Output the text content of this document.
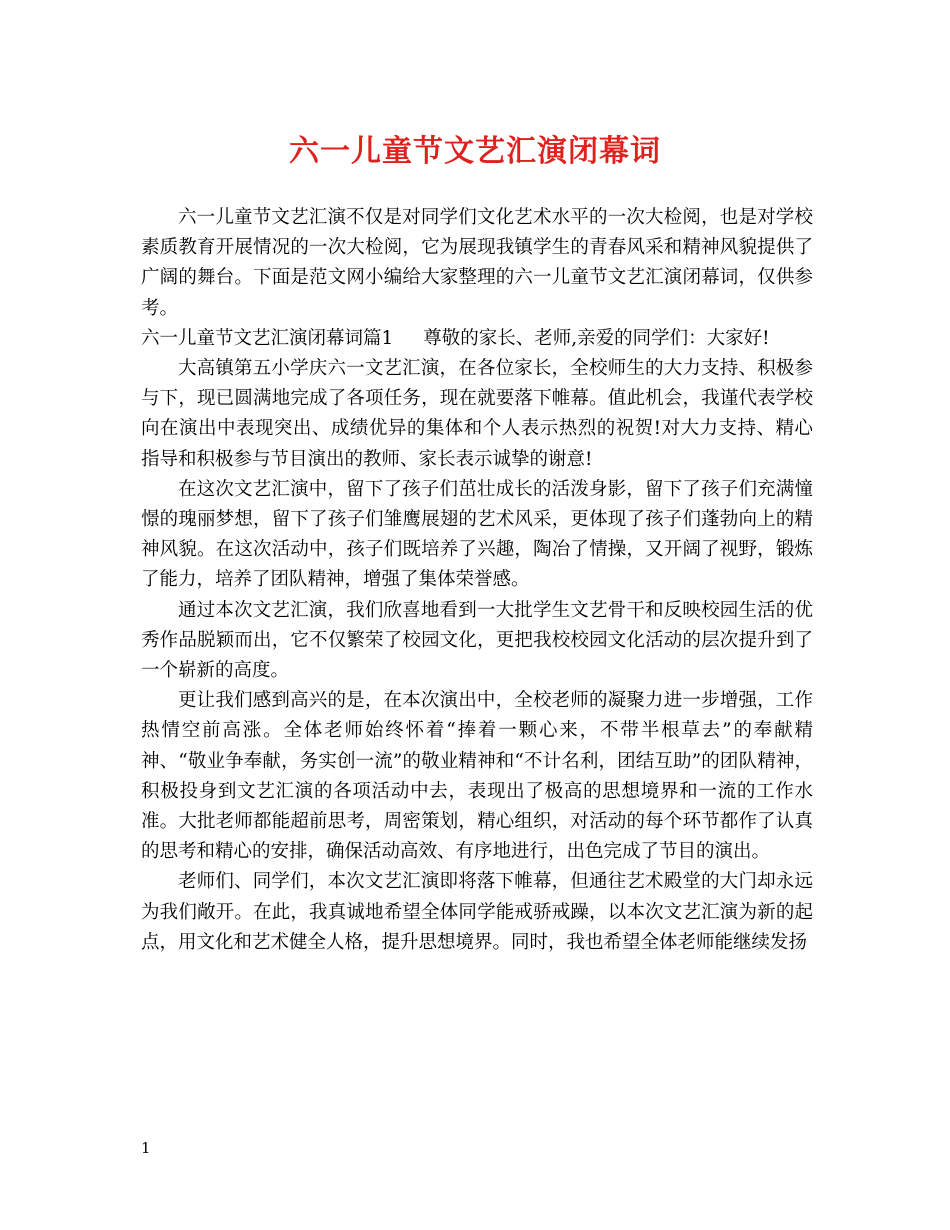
六一儿童节文艺汇演闭幕词

六一儿童节文艺汇演不仅是对同学们文化艺术水平的一次大检阅，也是对学校素质教育开展情况的一次大检阅，它为展现我镇学生的青春风采和精神风貌提供了广阔的舞台。下面是范文网小编给大家整理的六一儿童节文艺汇演闭幕词，仅供参考。

六一儿童节文艺汇演闭幕词篇1 尊敬的家长、老师,亲爱的同学们：大家好!

大高镇第五小学庆六一文艺汇演，在各位家长，全校师生的大力支持、积极参与下，现已圆满地完成了各项任务，现在就要落下帷幕。值此机会，我谨代表学校向在演出中表现突出、成绩优异的集体和个人表示热烈的祝贺!对大力支持、精心指导和积极参与节目演出的教师、家长表示诚挚的谢意!

在这次文艺汇演中，留下了孩子们茁壮成长的活泼身影，留下了孩子们充满憧憬的瑰丽梦想，留下了孩子们雏鹰展翅的艺术风采，更体现了孩子们蓬勃向上的精神风貌。在这次活动中，孩子们既培养了兴趣，陶冶了情操，又开阔了视野，锻炼了能力，培养了团队精神，增强了集体荣誉感。

通过本次文艺汇演，我们欣喜地看到一大批学生文艺骨干和反映校园生活的优秀作品脱颖而出，它不仅繁荣了校园文化，更把我校校园文化活动的层次提升到了一个崭新的高度。

更让我们感到高兴的是，在本次演出中，全校老师的凝聚力进一步增强，工作热情空前高涨。全体老师始终怀着“捧着一颗心来，不带半根草去”的奉献精神、“敬业争奉献，务实创一流”的敬业精神和“不计名利，团结互助”的团队精神，积极投身到文艺汇演的各项活动中去，表现出了极高的思想境界和一流的工作水准。大批老师都能超前思考，周密策划，精心组织，对活动的每个环节都作了认真的思考和精心的安排，确保活动高效、有序地进行，出色完成了节目的演出。

老师们、同学们，本次文艺汇演即将落下帷幕，但通往艺术殿堂的大门却永远为我们敞开。在此，我真诚地希望全体同学能戒骄戒躁，以本次文艺汇演为新的起点，用文化和艺术健全人格，提升思想境界。同时，我也希望全体老师能继续发扬

1
